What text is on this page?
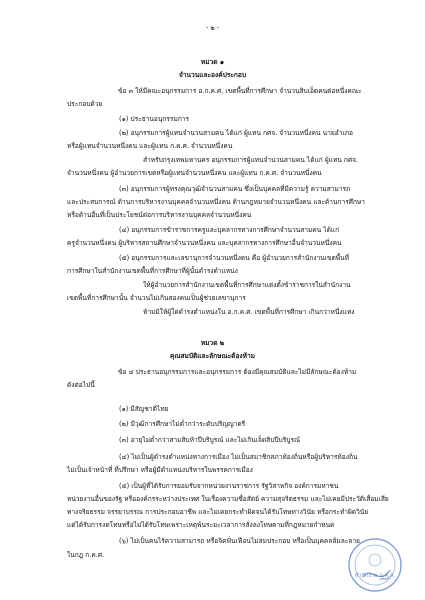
- ๒ -
หมวด ๑
จำนวนและองค์ประกอบ
ข้อ ๓ ให้มีคณะอนุกรรมการ อ.ก.ค.ศ. เขตพื้นที่การศึกษา จำนวนสิบเอ็ดคนต่อหนึ่งคณะ
ประกอบด้วย
(๑) ประธานอนุกรรมการ
(๒) อนุกรรมการผู้แทนจำนวนสามคน ได้แก่ ผู้แทน กศจ. จำนวนหนึ่งคน นายอำเภอ
หรือผู้แทนจำนวนหนึ่งคน และผู้แทน ก.ค.ศ. จำนวนหนึ่งคน
สำหรับกรุงเทพมหานคร อนุกรรมการผู้แทนจำนวนสามคน ได้แก่ ผู้แทน กศจ.
จำนวนหนึ่งคน ผู้อำนวยการเขตหรือผู้แทนจำนวนหนึ่งคน และผู้แทน ก.ค.ศ. จำนวนหนึ่งคน
(๓) อนุกรรมการผู้ทรงคุณวุฒิจำนวนสามคน ซึ่งเป็นบุคคลที่มีความรู้ ความสามารถ
และประสบการณ์ ด้านการบริหารงานบุคคลจำนวนหนึ่งคน ด้านกฎหมายจำนวนหนึ่งคน และด้านการศึกษา
หรือด้านอื่นที่เป็นประโยชน์ต่อการบริหารงานบุคคลจำนวนหนึ่งคน
(๔) อนุกรรมการข้าราชการครูและบุคลากรทางการศึกษาจำนวนสามคน ได้แก่
ครูจำนวนหนึ่งคน ผู้บริหารสถานศึกษาจำนวนหนึ่งคน และบุคลากรทางการศึกษาอื่นจำนวนหนึ่งคน
(๕) อนุกรรมการและเลขานุการจำนวนหนึ่งคน คือ ผู้อำนวยการสำนักงานเขตพื้นที่
การศึกษาในสำนักงานเขตพื้นที่การศึกษาที่ผู้นั้นดำรงตำแหน่ง
ให้ผู้อำนวยการสำนักงานเขตพื้นที่การศึกษาแต่งตั้งข้าราชการในสำนักงาน
เขตพื้นที่การศึกษานั้น จำนวนไม่เกินสองคนเป็นผู้ช่วยเลขานุการ
ห้ามมิให้ผู้ใดดำรงตำแหน่งใน อ.ก.ค.ศ. เขตพื้นที่การศึกษา เกินกว่าหนึ่งแห่ง
หมวด ๒
คุณสมบัติและลักษณะต้องห้าม
ข้อ ๔ ประธานอนุกรรมการและอนุกรรมการ ต้องมีคุณสมบัติและไม่มีลักษณะต้องห้าม
ดังต่อไปนี้
(๑) มีสัญชาติไทย
(๒) มีวุฒิการศึกษาไม่ต่ำกว่าระดับปริญญาตรี
(๓) อายุไม่ต่ำกว่าสามสิบห้าปีบริบูรณ์ และไม่เกินเจ็ดสิบปีบริบูรณ์
(๔) ไม่เป็นผู้ดำรงตำแหน่งทางการเมือง ไม่เป็นสมาชิกสภาท้องถิ่นหรือผู้บริหารท้องถิ่น
ไม่เป็นเจ้าหน้าที่ ที่ปรึกษา หรือผู้มีตำแหน่งบริหารในพรรคการเมือง
(๕) เป็นผู้ที่ได้รับการยอมรับจากหน่วยงานราชการ รัฐวิสาหกิจ องค์การมหาชน
หน่วยงานอื่นของรัฐ หรือองค์กรระหว่างประเทศ ในเรื่องความซื่อสัตย์ ความสุจริตธรรม และไม่เคยมีประวัติเสื่อมเสีย
ทางจริยธรรม จรรยาบรรณ การประกอบอาชีพ และไม่เคยกระทำผิดจนได้รับโทษทางวินัย หรือกระทำผิดวินัย
แต่ได้รับการงดโทษหรือไม่ได้รับโทษเพราะเหตุพ้นระยะเวลาการสั่งลงโทษตามที่กฎหมายกำหนด
(๖) ไม่เป็นคนไร้ความสามารถ หรือจิตฟั่นเฟือนไม่สมประกอบ หรือเป็นบุคคลล้มละลาย
ในกฎ ก.ค.ศ.
สำนักงาน ก.ค.ศ.
